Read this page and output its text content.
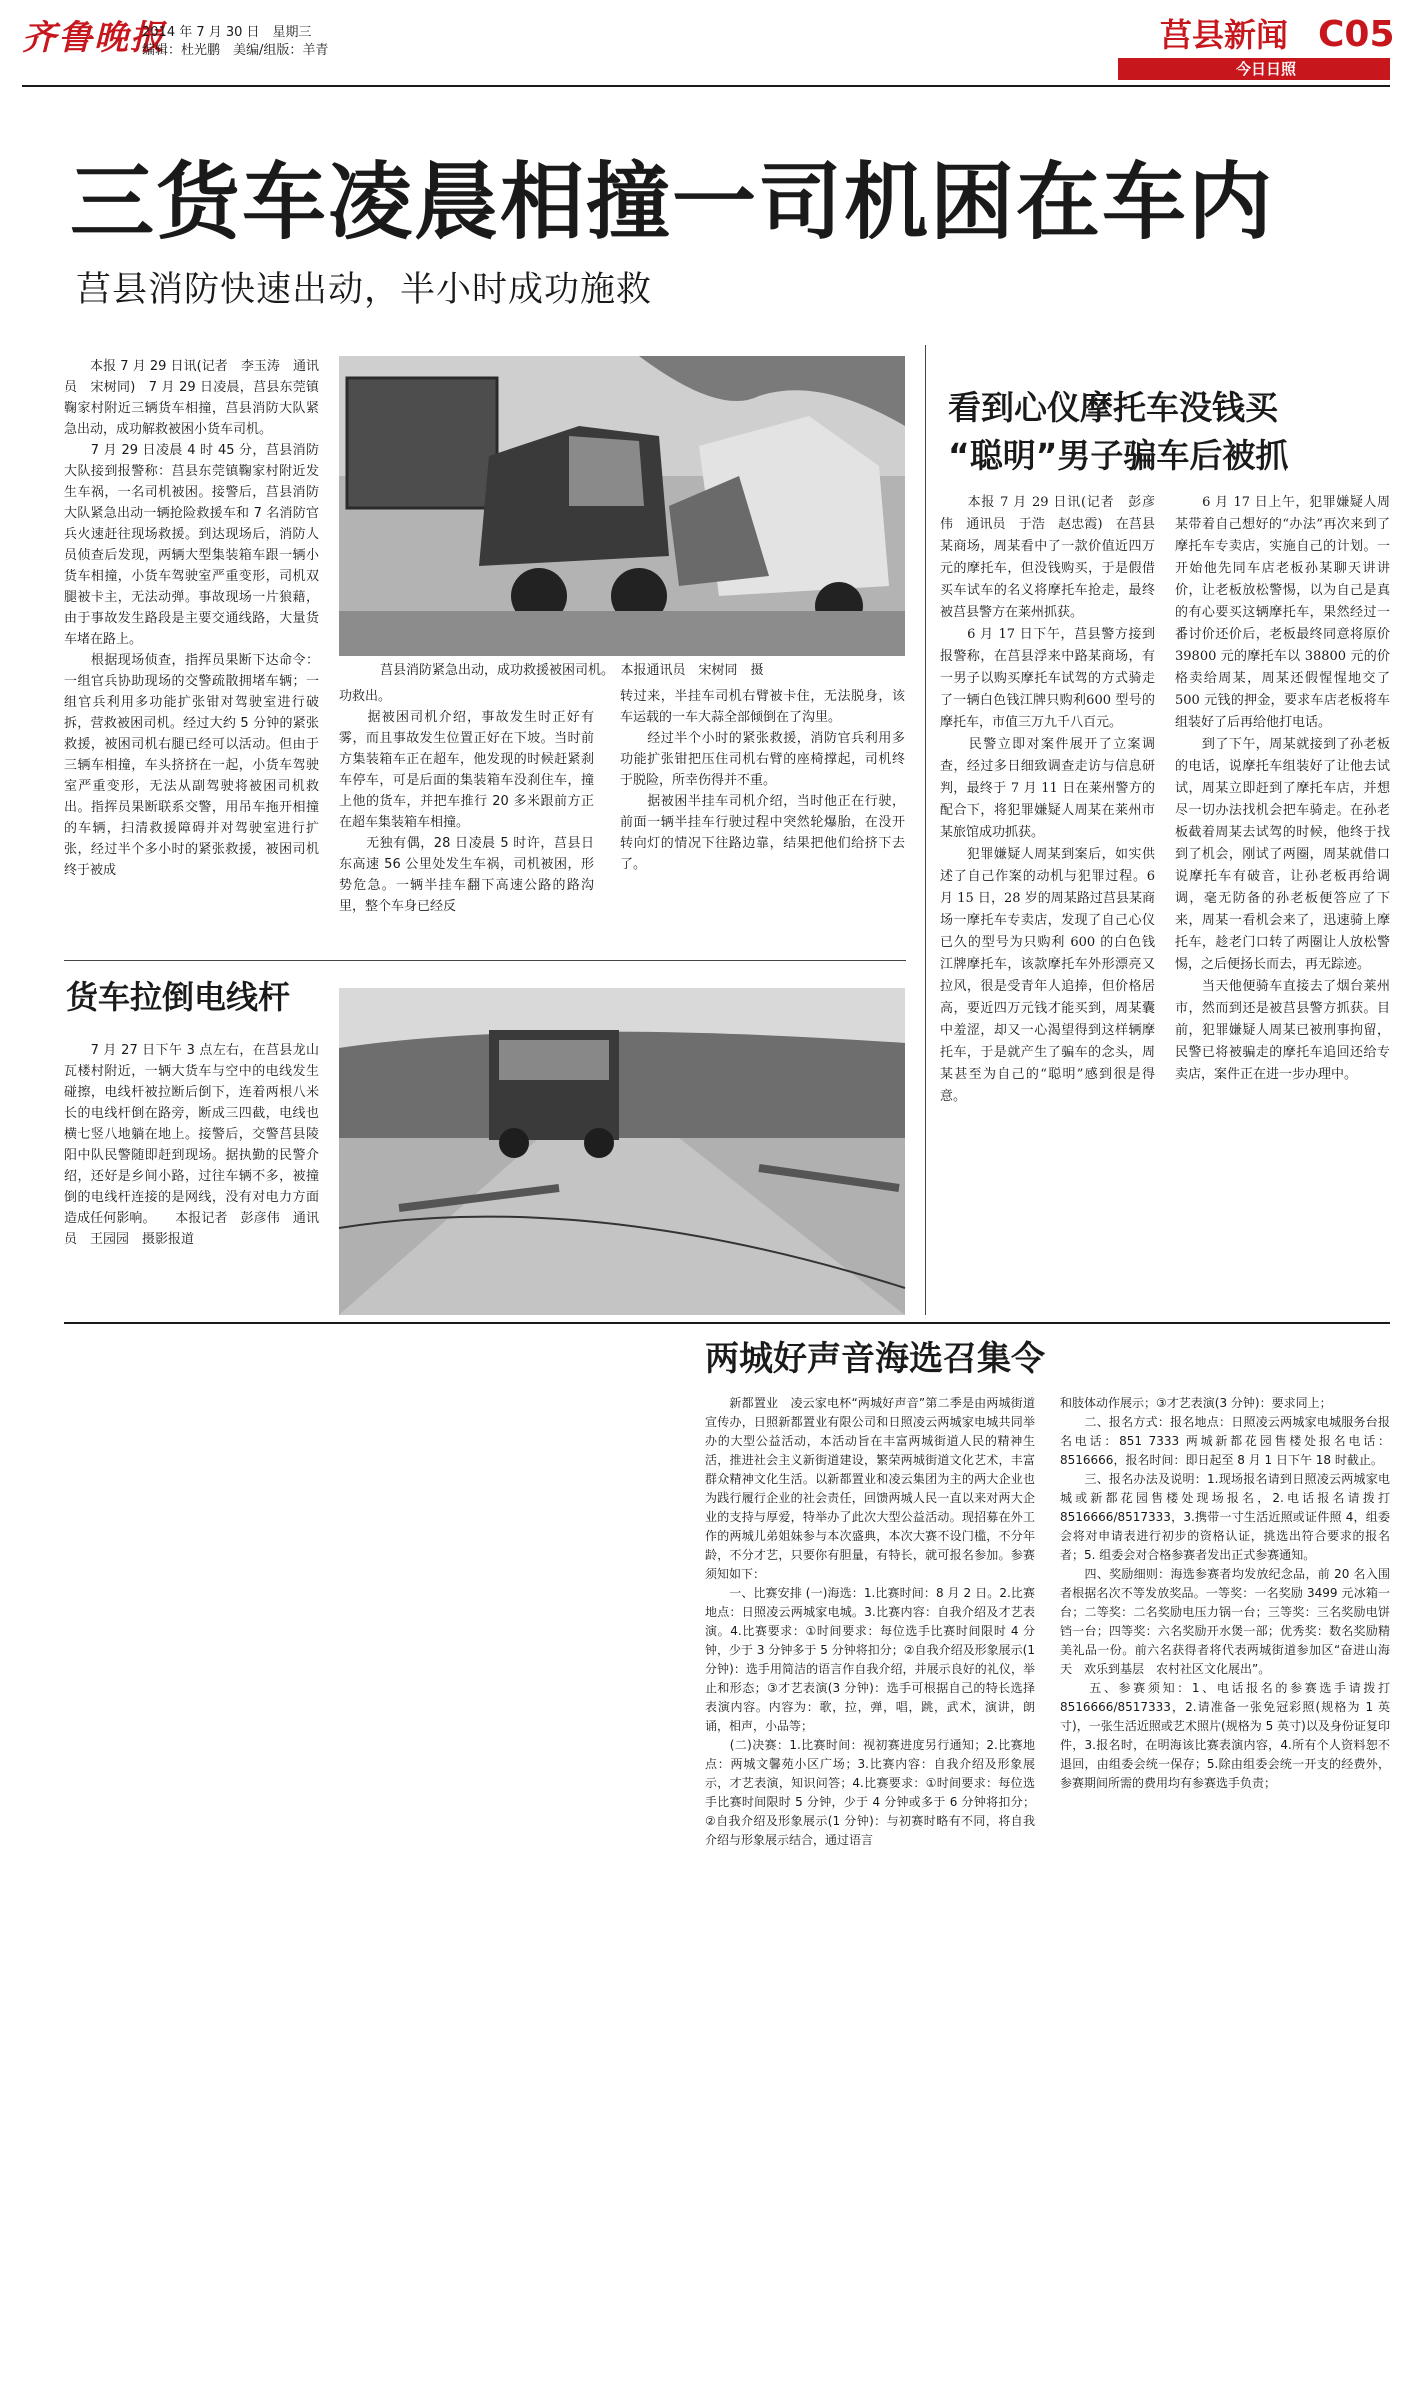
齐鲁晚报
2014 年 7 月 30 日　星期三
编辑：杜光鹏　美编/组版：羊青	莒县新闻 C05
今日日照
三货车凌晨相撞一司机困在车内
莒县消防快速出动，半小时成功施救

　　本报 7 月 29 日讯(记者　李玉涛　通讯员　宋树同)　7 月 29 日凌晨，莒县东莞镇鞠家村附近三辆货车相撞，莒县消防大队紧急出动，成功解救被困小货车司机。
　　7 月 29 日凌晨 4 时 45 分，莒县消防大队接到报警称：莒县东莞镇鞠家村附近发生车祸，一名司机被困。接警后，莒县消防大队紧急出动一辆抢险救援车和 7 名消防官兵火速赶往现场救援。到达现场后，消防人员侦查后发现，两辆大型集装箱车跟一辆小货车相撞，小货车驾驶室严重变形，司机双腿被卡主，无法动弹。事故现场一片狼藉，由于事故发生路段是主要交通线路，大量货车堵在路上。
　　根据现场侦查，指挥员果断下达命令：一组官兵协助现场的交警疏散拥堵车辆；一组官兵利用多功能扩张钳对驾驶室进行破拆，营救被困司机。经过大约 5 分钟的紧张救援，被困司机右腿已经可以活动。但由于三辆车相撞，车头挤挤在一起，小货车驾驶室严重变形，无法从副驾驶将被困司机救出。指挥员果断联系交警，用吊车拖开相撞的车辆，扫清救援障碍并对驾驶室进行扩张，经过半个多小时的紧张救援，被困司机终于被成

莒县消防紧急出动，成功救援被困司机。　本报通讯员　宋树同　摄

功救出。
　　据被困司机介绍，事故发生时正好有雾，而且事故发生位置正好在下坡。当时前方集装箱车正在超车，他发现的时候赶紧刹车停车，可是后面的集装箱车没刹住车，撞上他的货车，并把车推行 20 多米跟前方正在超车集装箱车相撞。
　　无独有偶，28 日凌晨 5 时许，莒县日东高速 56 公里处发生车祸，司机被困，形势危急。一辆半挂车翻下高速公路的路沟里，整个车身已经反

转过来，半挂车司机右臂被卡住，无法脱身，该车运载的一车大蒜全部倾倒在了沟里。
　　经过半个小时的紧张救援，消防官兵利用多功能扩张钳把压住司机右臂的座椅撑起，司机终于脱险，所幸伤得并不重。
　　据被困半挂车司机介绍，当时他正在行驶，前面一辆半挂车行驶过程中突然轮爆胎，在没开转向灯的情况下往路边靠，结果把他们给挤下去了。

看到心仪摩托车没钱买
“聪明”男子骗车后被抓

　　本报 7 月 29 日讯(记者　彭彦伟　通讯员　于浩　赵忠霞)　在莒县某商场，周某看中了一款价值近四万元的摩托车，但没钱购买，于是假借买车试车的名义将摩托车抢走，最终被莒县警方在莱州抓获。
　　6 月 17 日下午，莒县警方接到报警称，在莒县浮来中路某商场，有一男子以购买摩托车试驾的方式骑走了一辆白色钱江牌只购利600 型号的摩托车，市值三万九千八百元。
　　民警立即对案件展开了立案调查，经过多日细致调查走访与信息研判，最终于 7 月 11 日在莱州警方的配合下，将犯罪嫌疑人周某在莱州市某旅馆成功抓获。
　　犯罪嫌疑人周某到案后，如实供述了自己作案的动机与犯罪过程。6 月 15 日，28 岁的周某路过莒县某商场一摩托车专卖店，发现了自己心仪已久的型号为只购利 600 的白色钱江牌摩托车，该款摩托车外形漂亮又拉风，很是受青年人追捧，但价格居高，要近四万元钱才能买到，周某囊中羞涩，却又一心渴望得到这样辆摩托车，于是就产生了骗车的念头，周某甚至为自己的“聪明”感到很是得意。

　　6 月 17 日上午，犯罪嫌疑人周某带着自己想好的“办法”再次来到了摩托车专卖店，实施自己的计划。一开始他先同车店老板孙某聊天讲讲价，让老板放松警惕，以为自己是真的有心要买这辆摩托车，果然经过一番讨价还价后，老板最终同意将原价 39800 元的摩托车以 38800 元的价格卖给周某，周某还假惺惺地交了 500 元钱的押金，要求车店老板将车组装好了后再给他打电话。
　　到了下午，周某就接到了孙老板的电话，说摩托车组装好了让他去试试，周某立即赶到了摩托车店，并想尽一切办法找机会把车骑走。在孙老板截着周某去试驾的时候，他终于找到了机会，刚试了两圈，周某就借口说摩托车有破音，让孙老板再给调调，毫无防备的孙老板便答应了下来，周某一看机会来了，迅速骑上摩托车，趁老门口转了两圈让人放松警惕，之后便扬长而去，再无踪迹。
　　当天他便骑车直接去了烟台莱州市，然而到还是被莒县警方抓获。目前，犯罪嫌疑人周某已被刑事拘留，民警已将被骗走的摩托车追回还给专卖店，案件正在进一步办理中。

货车拉倒电线杆

　　7 月 27 日下午 3 点左右，在莒县龙山瓦楼村附近，一辆大货车与空中的电线发生碰擦，电线杆被拉断后倒下，连着两根八米长的电线杆倒在路旁，断成三四截，电线也横七竖八地躺在地上。接警后，交警莒县陵阳中队民警随即赶到现场。据执勤的民警介绍，还好是乡间小路，过往车辆不多，被撞倒的电线杆连接的是网线，没有对电力方面造成任何影响。　　本报记者　彭彦伟　通讯员　王园园　摄影报道

两城好声音海选召集令

　　新都置业　凌云家电杯“两城好声音”第二季是由两城街道宣传办，日照新都置业有限公司和日照凌云两城家电城共同举办的大型公益活动，本活动旨在丰富两城街道人民的精神生活，推进社会主义新街道建设，繁荣两城街道文化艺术，丰富群众精神文化生活。以新都置业和凌云集团为主的两大企业也为践行履行企业的社会责任，回馈两城人民一直以来对两大企业的支持与厚爱，特举办了此次大型公益活动。现招募在外工作的两城儿弟姐妹参与本次盛典，本次大赛不设门槛，不分年龄，不分才艺，只要你有胆量，有特长，就可报名参加。参赛须知如下：
　　一、比赛安排 (一)海选：1.比赛时间：8 月 2 日。2.比赛地点：日照凌云两城家电城。3.比赛内容：自我介绍及才艺表演。4.比赛要求：①时间要求：每位选手比赛时间限时 4 分钟，少于 3 分钟多于 5 分钟将扣分；②自我介绍及形象展示(1 分钟)：选手用简洁的语言作自我介绍，并展示良好的礼仪，举止和形态；③才艺表演(3 分钟)：选手可根据自己的特长选择表演内容。内容为：歌，拉，弹，唱，跳，武术，演讲，朗诵，相声，小品等；
　　(二)决赛：1.比赛时间：视初赛进度另行通知；2.比赛地点：两城文馨苑小区广场；3.比赛内容：自我介绍及形象展示，才艺表演，知识问答；4.比赛要求：①时间要求：每位选手比赛时间限时 5 分钟，少于 4 分钟或多于 6 分钟将扣分；②自我介绍及形象展示(1 分钟)：与初赛时略有不同，将自我介绍与形象展示结合，通过语言

和肢体动作展示；③才艺表演(3 分钟)：要求同上；
　　二、报名方式：报名地点：日照凌云两城家电城服务台报名电话：851 7333 两城新都花园售楼处报名电话：8516666，报名时间：即日起至 8 月 1 日下午 18 时截止。
　　三、报名办法及说明：1.现场报名请到日照凌云两城家电城或新都花园售楼处现场报名，2.电话报名请拨打 8516666/8517333，3.携带一寸生活近照或证件照 4，组委会将对申请表进行初步的资格认证，挑选出符合要求的报名者；5. 组委会对合格参赛者发出正式参赛通知。
　　四、奖励细则：海选参赛者均发放纪念品，前 20 名入围者根据名次不等发放奖品。一等奖：一名奖励 3499 元冰箱一台；二等奖：二名奖励电压力锅一台；三等奖：三名奖励电饼铛一台；四等奖：六名奖励开水煲一部；优秀奖：数名奖励精美礼品一份。前六名获得者将代表两城街道参加区“奋进山海天　欢乐到基层　农村社区文化展出”。
　　五、参赛须知：1、电话报名的参赛选手请拨打 8516666/8517333，2.请准备一张免冠彩照(规格为 1 英寸)，一张生活近照或艺术照片(规格为 5 英寸)以及身份证复印件，3.报名时，在明海该比赛表演内容，4.所有个人资料恕不退回，由组委会统一保存；5.除由组委会统一开支的经费外，参赛期间所需的费用均有参赛选手负责；
